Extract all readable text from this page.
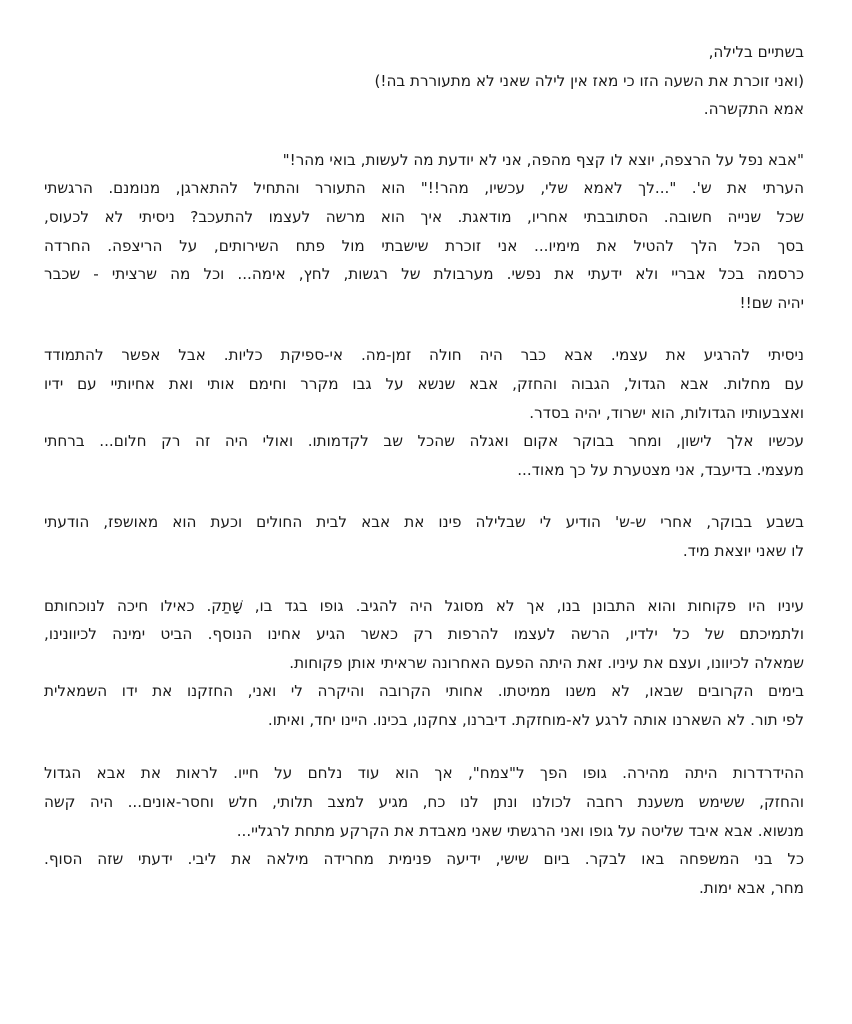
בשתיים בלילה,
(ואני זוכרת את השעה הזו כי מאז אין לילה שאני לא מתעוררת בה!)
אמא התקשרה.
"אבא נפל על הרצפה, יוצא לו קצף מהפה, אני לא יודעת מה לעשות, בואי מהר!"
הערתי את ש'. "...לך לאמא שלי, עכשיו, מהר!!" הוא התעורר והתחיל להתארגן, מנומנם. הרגשתי
שכל שנייה חשובה. הסתובבתי אחריו, מודאגת. איך הוא מרשה לעצמו להתעכב? ניסיתי לא לכעוס,
בסך הכל הלך להטיל את מימיו... אני זוכרת שישבתי מול פתח השירותים, על הריצפה. החרדה
כרסמה בכל אבריי ולא ידעתי את נפשי. מערבולת של רגשות, לחץ, אימה... וכל מה שרציתי - שכבר
יהיה שם!!
ניסיתי להרגיע את עצמי. אבא כבר היה חולה זמן-מה. אי-ספיקת כליות. אבל אפשר להתמודד
עם מחלות. אבא הגדול, הגבוה והחזק, אבא שנשא על גבו מקרר וחימם אותי ואת אחיותיי עם ידיו
ואצבעותיו הגדולות, הוא ישרוד, יהיה בסדר.
עכשיו אלך לישון, ומחר בבוקר אקום ואגלה שהכל שב לקדמותו. ואולי היה זה רק חלום... ברחתי
מעצמי. בדיעבד, אני מצטערת על כך מאוד...
בשבע בבוקר, אחרי ש-ש' הודיע לי שבלילה פינו את אבא לבית החולים וכעת הוא מאושפז, הודעתי
לו שאני יוצאת מיד.
עיניו היו פקוחות והוא התבונן בנו, אך לא מסוגל היה להגיב. גופו בגד בו, שָׁתַק. כאילו חיכה לנוכחותם
ולתמיכתם של כל ילדיו, הרשה לעצמו להרפות רק כאשר הגיע אחינו הנוסף. הביט ימינה לכיוונינו,
שמאלה לכיוונו, ועצם את עיניו. זאת היתה הפעם האחרונה שראיתי אותן פקוחות.
בימים הקרובים שבאו, לא משנו ממיטתו. אחותי הקרובה והיקרה לי ואני, החזקנו את ידו השמאלית
לפי תור. לא השארנו אותה לרגע לא-מוחזקת. דיברנו, צחקנו, בכינו. היינו יחד, ואיתו.
ההידרדרות היתה מהירה. גופו הפך ל"צמח", אך הוא עוד נלחם על חייו. לראות את אבא הגדול
והחזק, ששימש משענת רחבה לכולנו ונתן לנו כח, מגיע למצב תלותי, חלש וחסר-אונים... היה קשה
מנשוא. אבא איבד שליטה על גופו ואני הרגשתי שאני מאבדת את הקרקע מתחת לרגליי...
כל בני המשפחה באו לבקר. ביום שישי, ידיעה פנימית מחרידה מילאה את ליבי. ידעתי שזה הסוף.
מחר, אבא ימות.
